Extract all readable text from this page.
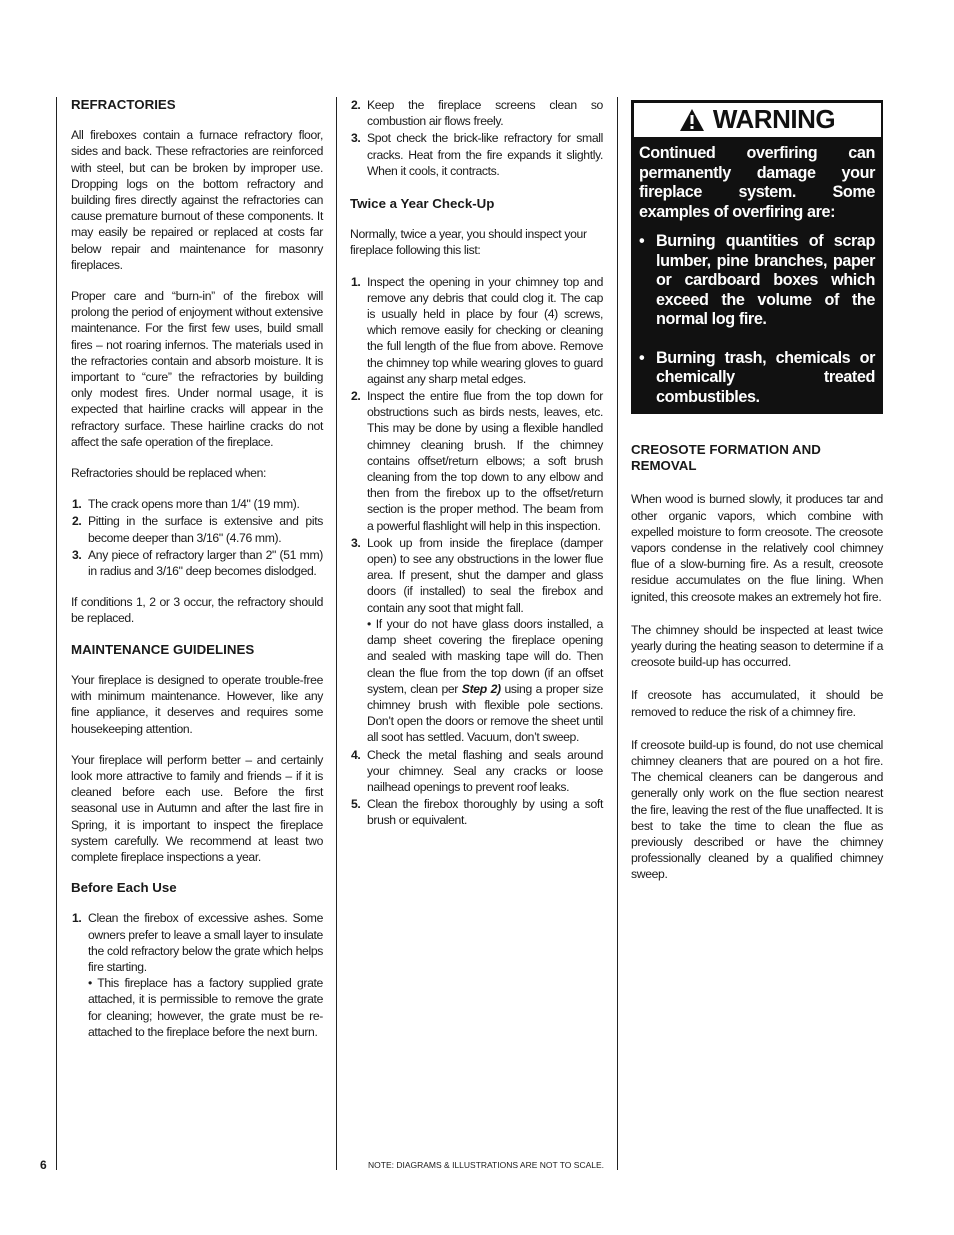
REFRACTORIES

All fireboxes contain a furnace refractory floor, sides and back. These refractories are reinforced with steel, but can be broken by improper use. Dropping logs on the bottom refractory and building fires directly against the refractories can cause premature burnout of these components. It may easily be repaired or replaced at costs far below repair and maintenance for masonry fireplaces.

Proper care and “burn-in” of the firebox will prolong the period of enjoyment without extensive maintenance. For the first few uses, build small fires – not roaring infernos. The materials used in the refractories contain and absorb moisture. It is important to “cure” the refractories by building only modest fires. Under normal usage, it is expected that hairline cracks will appear in the refractory surface. These hairline cracks do not affect the safe operation of the fireplace.

Refractories should be replaced when:

1. The crack opens more than 1/4" (19 mm).
2. Pitting in the surface is extensive and pits become deeper than 3/16" (4.76 mm).
3. Any piece of refractory larger than 2" (51 mm) in radius and 3/16" deep becomes dislodged.

If conditions 1, 2 or 3 occur, the refractory should be replaced.

MAINTENANCE GUIDELINES

Your fireplace is designed to operate trouble-free with minimum maintenance. However, like any fine appliance, it deserves and requires some housekeeping attention.

Your fireplace will perform better – and certainly look more attractive to family and friends – if it is cleaned before each use. Before the first seasonal use in Autumn and after the last fire in Spring, it is important to inspect the fireplace system carefully. We recommend at least two complete fireplace inspections a year.

Before Each Use
1. Clean the firebox of excessive ashes. Some owners prefer to leave a small layer to insulate the cold refractory below the grate which helps fire starting.
• This fireplace has a factory supplied grate attached, it is permissible to remove the grate for cleaning; however, the grate must be re-attached to the fireplace before the next burn.
2. Keep the fireplace screens clean so combustion air flows freely.
3. Spot check the brick-like refractory for small cracks. Heat from the fire expands it slightly. When it cools, it contracts.
Twice a Year Check-Up

Normally, twice a year, you should inspect your fireplace following this list:

1. Inspect the opening in your chimney top and remove any debris that could clog it. The cap is usually held in place by four (4) screws, which remove easily for checking or cleaning the full length of the flue from above. Remove the chimney top while wearing gloves to guard against any sharp metal edges.
2. Inspect the entire flue from the top down for obstructions such as birds nests, leaves, etc. This may be done by using a flexible handled chimney cleaning brush. If the chimney contains offset/return elbows; a soft brush cleaning from the top down to any elbow and then from the firebox up to the offset/return section is the proper method. The beam from a powerful flashlight will help in this inspection.
3. Look up from inside the fireplace (damper open) to see any obstructions in the lower flue area. If present, shut the damper and glass doors (if installed) to seal the firebox and contain any soot that might fall.
• If your do not have glass doors installed, a damp sheet covering the fireplace opening and sealed with masking tape will do. Then clean the flue from the top down (if an offset system, clean per Step 2) using a proper size chimney brush with flexible pole sections. Don’t open the doors or remove the sheet until all soot has settled. Vacuum, don’t sweep.
4. Check the metal flashing and seals around your chimney. Seal any cracks or loose nailhead openings to prevent roof leaks.
5. Clean the firebox thoroughly by using a soft brush or equivalent.
WARNING

Continued overfiring can permanently damage your fireplace system. Some examples of overfiring are:

• Burning quantities of scrap lumber, pine branches, paper or cardboard boxes which exceed the volume of the normal log fire.
• Burning trash, chemicals or chemically treated combustibles.
CREOSOTE FORMATION AND REMOVAL

When wood is burned slowly, it produces tar and other organic vapors, which combine with expelled moisture to form creosote. The creosote vapors condense in the relatively cool chimney flue of a slow-burning fire. As a result, creosote residue accumulates on the flue lining. When ignited, this creosote makes an extremely hot fire.

The chimney should be inspected at least twice yearly during the heating season to determine if a creosote build-up has occurred.

If creosote has accumulated, it should be removed to reduce the risk of a chimney fire.

If creosote build-up is found, do not use chemical chimney cleaners that are poured on a hot fire. The chemical cleaners can be dangerous and generally only work on the flue section nearest the fire, leaving the rest of the flue unaffected. It is best to take the time to clean the flue as previously described or have the chimney professionally cleaned by a qualified chimney sweep.

6	NOTE: DIAGRAMS & ILLUSTRATIONS ARE NOT TO SCALE.
